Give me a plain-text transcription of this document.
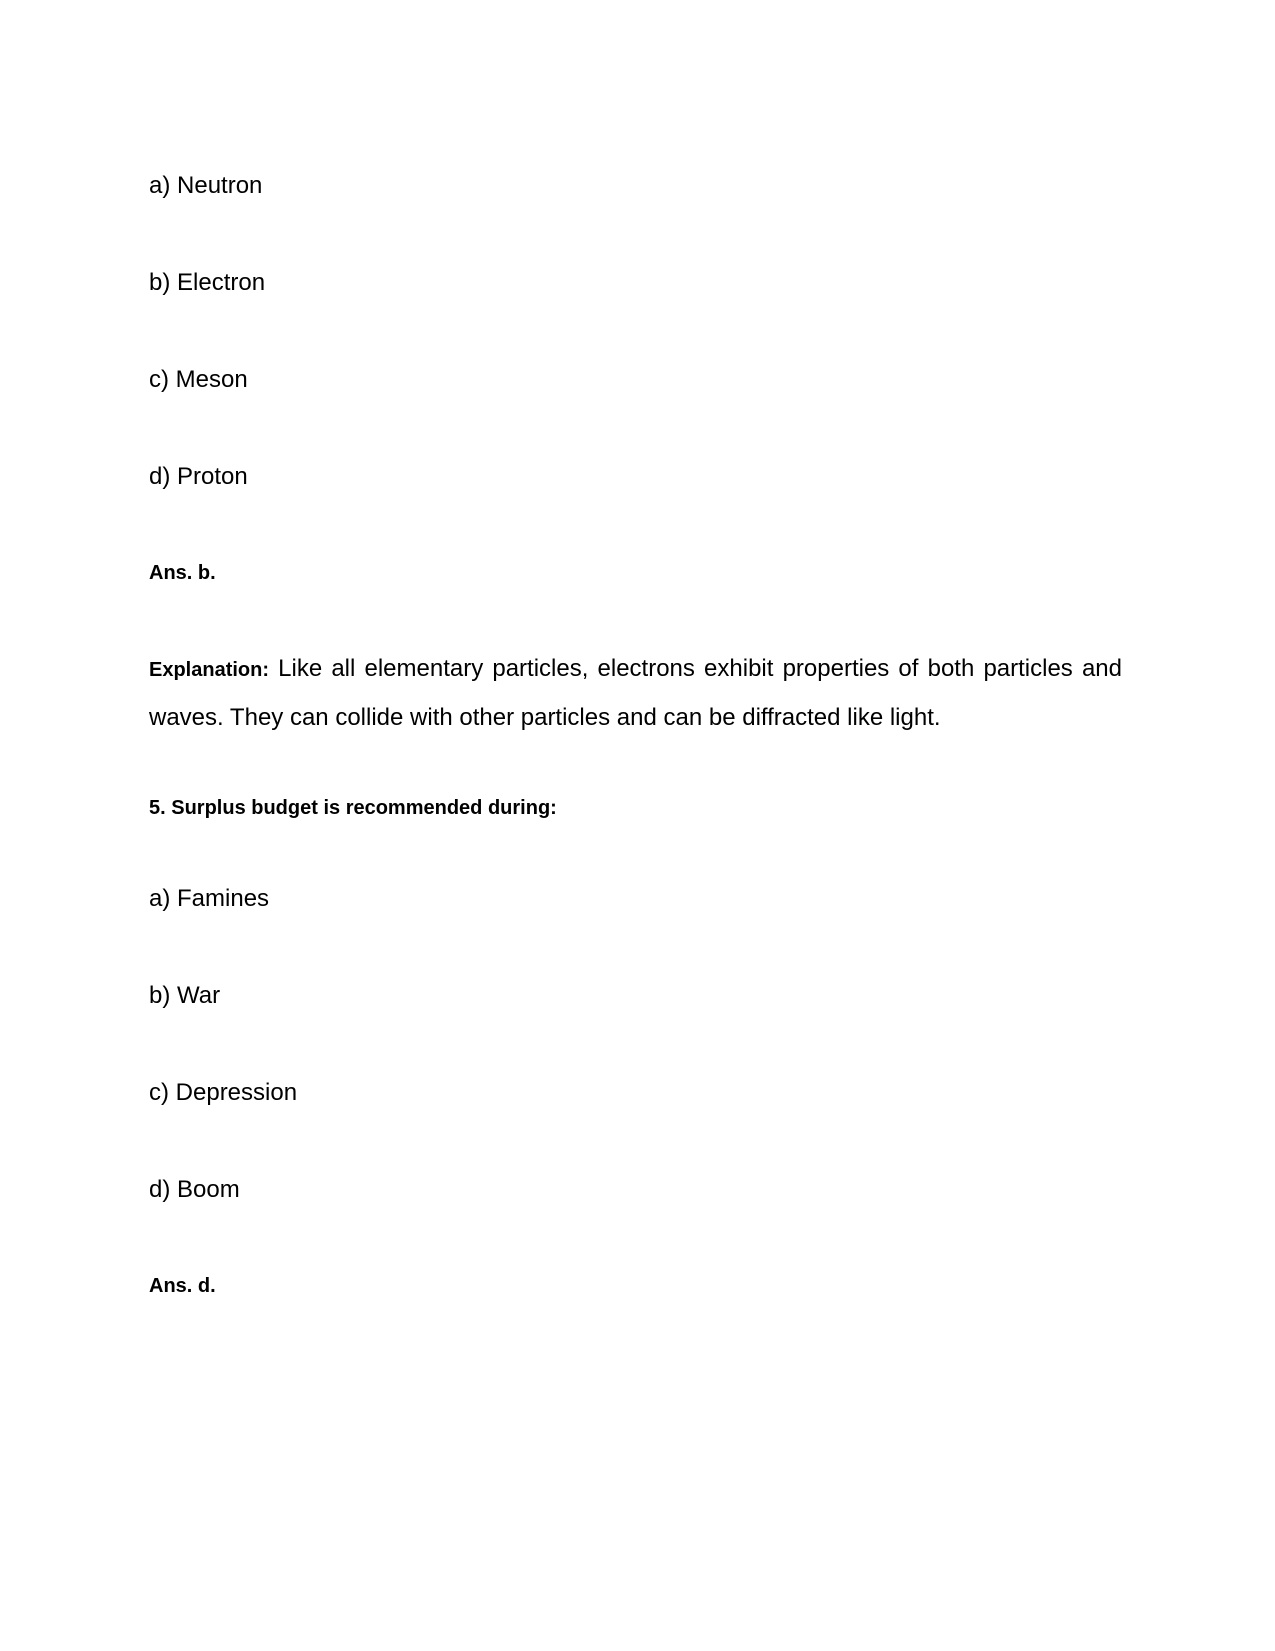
a) Neutron
b) Electron
c) Meson
d) Proton
Ans. b.
Explanation: Like all elementary particles, electrons exhibit properties of both particles and waves. They can collide with other particles and can be diffracted like light.
5. Surplus budget is recommended during:
a) Famines
b) War
c) Depression
d) Boom
Ans. d.
